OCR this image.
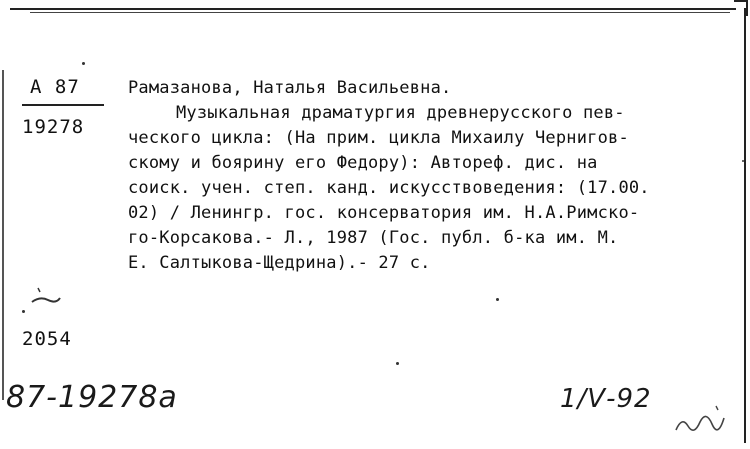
А 87
19278
Рамазанова, Наталья Васильевна.
Музыкальная драматургия древнерусского пев-
ческого цикла: (На прим. цикла Михаилу Чернигов-
скому и боярину его Федору): Автореф. дис. на
соиск. учен. степ. канд. искусствоведения: (17.00.
02) / Ленингр. гос. консерватория им. Н.А.Римско-
го-Корсакова.- Л., 1987 (Гос. публ. б-ка им. М.
Е. Салтыкова-Щедрина).- 27 с.
2054
87-19278а	1/Ⅴ-92
